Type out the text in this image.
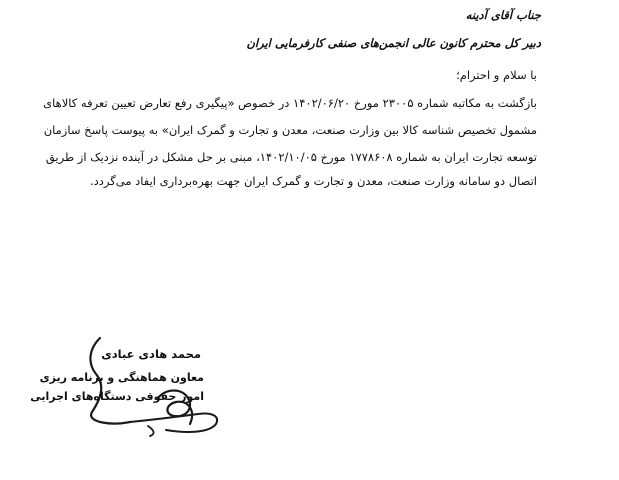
جناب آقای آدینه
دبیر کل محترم کانون عالی انجمن‌های صنفی کارفرمایی ایران
با سلام و احترام؛
بازگشت به مکاتبه شماره ۲۳۰۰۵ مورخ ۱۴۰۲/۰۶/۲۰ در خصوص «پیگیری رفع تعارض تعیین تعرفه کالاهای
مشمول تخصیص شناسه کالا بین وزارت صنعت، معدن و تجارت و گمرک ایران» به پیوست پاسخ سازمان
توسعه تجارت ایران به شماره ۱۷۷۸۶۰۸ مورخ ۱۴۰۲/۱۰/۰۵، مبنی بر حل مشکل در آینده نزدیک از طریق
اتصال دو سامانه وزارت صنعت، معدن و تجارت و گمرک ایران جهت بهره‌برداری ایفاد می‌گردد.
محمد هادی عبادی
معاون هماهنگی و برنامه ریزی
امور حقوقی دستگاه‌های اجرایی
